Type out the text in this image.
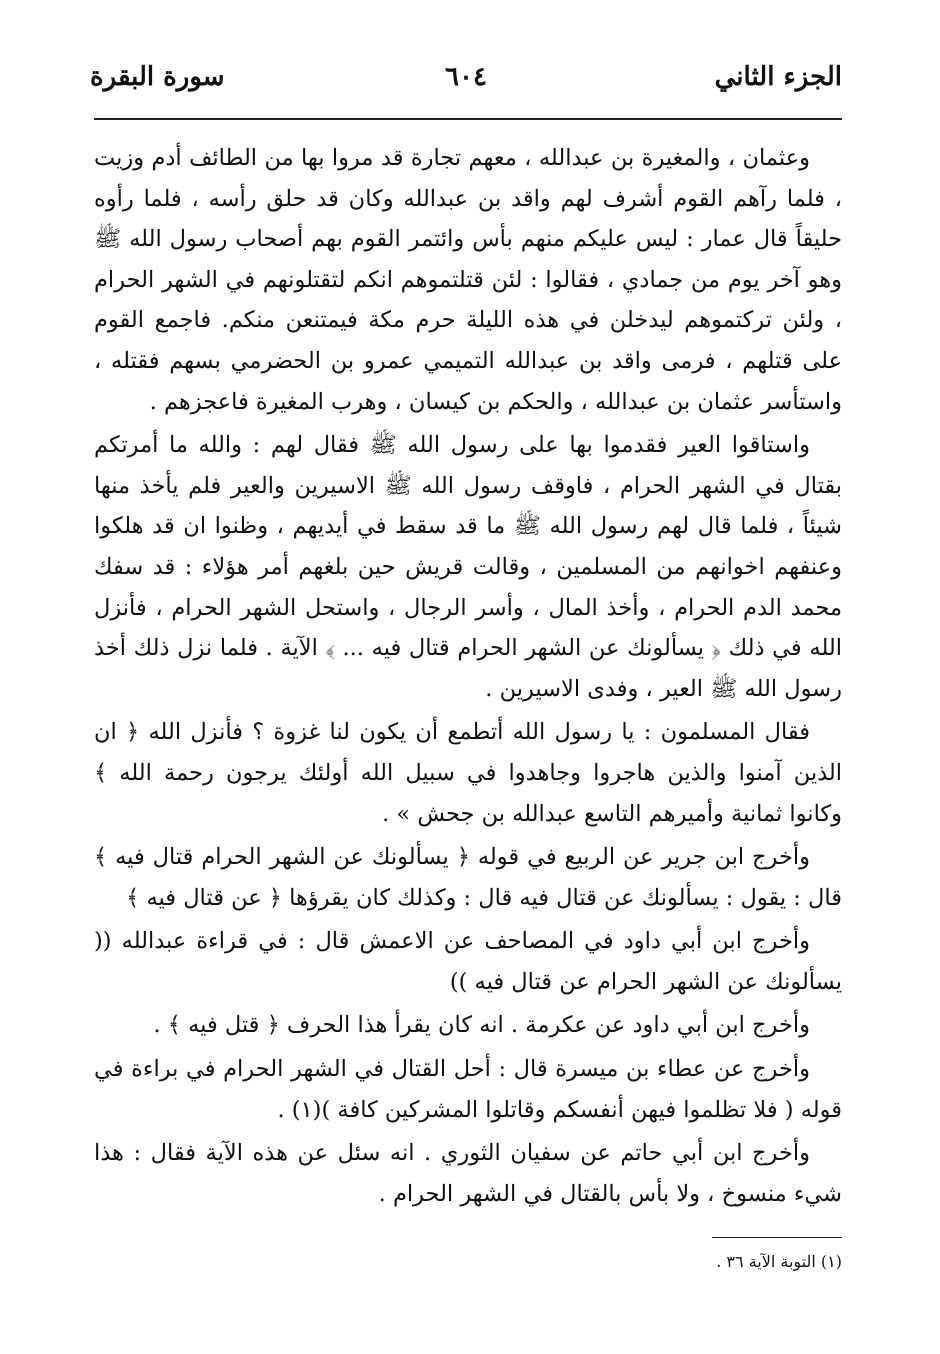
الجزء الثاني
٦٠٤
سورة البقرة

وعثمان ، والمغيرة بن عبدالله ، معهم تجارة قد مروا بها من الطائف أدم وزيت ، فلما رآهم القوم أشرف لهم واقد بن عبدالله وكان قد حلق رأسه ، فلما رأوه حليقاً قال عمار : ليس عليكم منهم بأس وائتمر القوم بهم أصحاب رسول الله ﷺ وهو آخر يوم من جمادي ، فقالوا : لئن قتلتموهم انكم لتقتلونهم في الشهر الحرام ، ولئن تركتموهم ليدخلن في هذه الليلة حرم مكة فيمتنعن منكم. فاجمع القوم على قتلهم ، فرمى واقد بن عبدالله التميمي عمرو بن الحضرمي بسهم فقتله ، واستأسر عثمان بن عبدالله ، والحكم بن كيسان ، وهرب المغيرة فاعجزهم .

واستاقوا العير فقدموا بها على رسول الله ﷺ فقال لهم : والله ما أمرتكم بقتال في الشهر الحرام ، فاوقف رسول الله ﷺ الاسيرين والعير فلم يأخذ منها شيئاً ، فلما قال لهم رسول الله ﷺ ما قد سقط في أيديهم ، وظنوا ان قد هلكوا وعنفهم اخوانهم من المسلمين ، وقالت قريش حين بلغهم أمر هؤلاء : قد سفك محمد الدم الحرام ، وأخذ المال ، وأسر الرجال ، واستحل الشهر الحرام ، فأنزل الله في ذلك ﴿ يسألونك عن الشهر الحرام قتال فيه ... ﴾ الآية . فلما نزل ذلك أخذ رسول الله ﷺ العير ، وفدى الاسيرين .

فقال المسلمون : يا رسول الله أتطمع أن يكون لنا غزوة ؟ فأنزل الله ﴿ ان الذين آمنوا والذين هاجروا وجاهدوا في سبيل الله أولئك يرجون رحمة الله ﴾ وكانوا ثمانية وأميرهم التاسع عبدالله بن جحش » .

وأخرج ابن جرير عن الربيع في قوله ﴿ يسألونك عن الشهر الحرام قتال فيه ﴾ قال : يقول : يسألونك عن قتال فيه قال : وكذلك كان يقرؤها ﴿ عن قتال فيه ﴾

وأخرج ابن أبي داود في المصاحف عن الاعمش قال : في قراءة عبدالله (( يسألونك عن الشهر الحرام عن قتال فيه ))

وأخرج ابن أبي داود عن عكرمة . انه كان يقرأ هذا الحرف ﴿ قتل فيه ﴾ .

وأخرج عن عطاء بن ميسرة قال : أحل القتال في الشهر الحرام في براءة في قوله ( فلا تظلموا فيهن أنفسكم وقاتلوا المشركين كافة )(١) .

وأخرج ابن أبي حاتم عن سفيان الثوري . انه سئل عن هذه الآية فقال : هذا شيء منسوخ ، ولا بأس بالقتال في الشهر الحرام .

(١) التوبة الآية ٣٦ .
